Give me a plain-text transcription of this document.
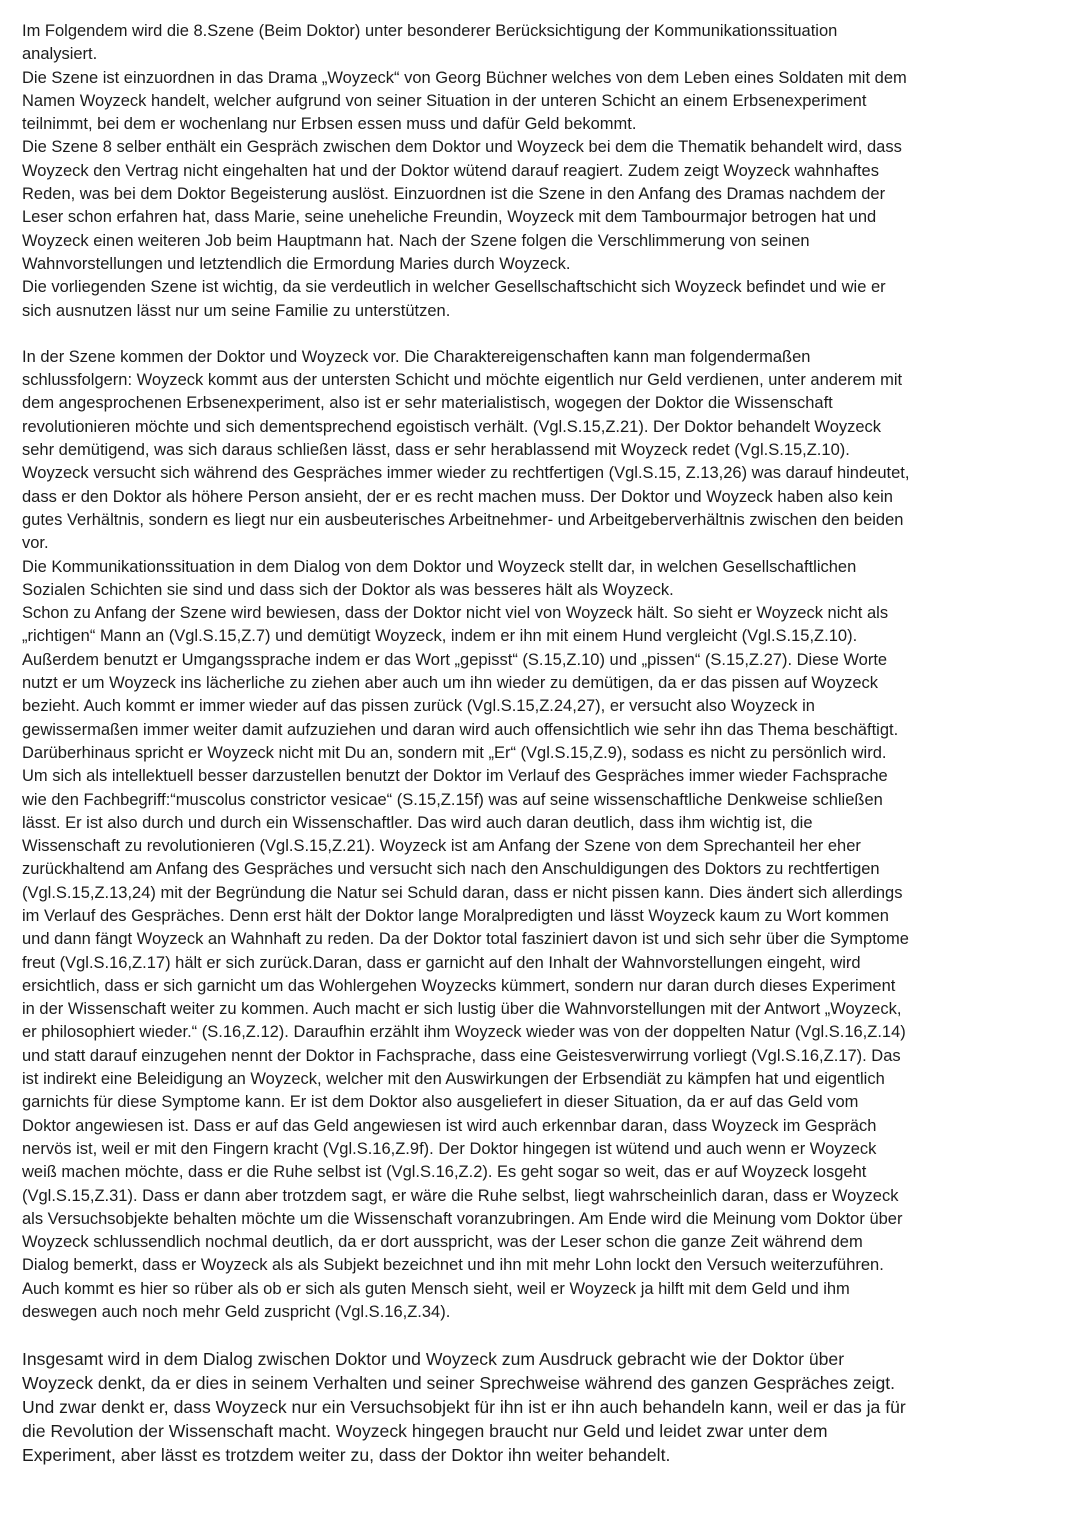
Im Folgendem wird die 8.Szene (Beim Doktor) unter besonderer Berücksichtigung der Kommunikationssituation
analysiert.

Die Szene ist einzuordnen in das Drama „Woyzeck“ von Georg Büchner welches von dem Leben eines Soldaten mit dem
Namen Woyzeck handelt, welcher aufgrund von seiner Situation in der unteren Schicht an einem Erbsenexperiment
teilnimmt, bei dem er wochenlang nur Erbsen essen muss und dafür Geld bekommt.

Die Szene 8 selber enthält ein Gespräch zwischen dem Doktor und Woyzeck bei dem die Thematik behandelt wird, dass
Woyzeck den Vertrag nicht eingehalten hat und der Doktor wütend darauf reagiert. Zudem zeigt Woyzeck wahnhaftes
Reden, was bei dem Doktor Begeisterung auslöst. Einzuordnen ist die Szene in den Anfang des Dramas nachdem der
Leser schon erfahren hat, dass Marie, seine uneheliche Freundin, Woyzeck mit dem Tambourmajor betrogen hat und
Woyzeck einen weiteren Job beim Hauptmann hat. Nach der Szene folgen die Verschlimmerung von seinen
Wahnvorstellungen und letztendlich die Ermordung Maries durch Woyzeck.

Die vorliegenden Szene ist wichtig, da sie verdeutlich in welcher Gesellschaftschicht sich Woyzeck befindet und wie er
sich ausnutzen lässt nur um seine Familie zu unterstützen.

In der Szene kommen der Doktor und Woyzeck vor. Die Charaktereigenschaften kann man folgendermaßen
schlussfolgern: Woyzeck kommt aus der untersten Schicht und möchte eigentlich nur Geld verdienen, unter anderem mit
dem angesprochenen Erbsenexperiment, also ist er sehr materialistisch, wogegen der Doktor die Wissenschaft
revolutionieren möchte und sich dementsprechend egoistisch verhält. (Vgl.S.15,Z.21). Der Doktor behandelt Woyzeck
sehr demütigend, was sich daraus schließen lässt, dass er sehr herablassend mit Woyzeck redet (Vgl.S.15,Z.10).
Woyzeck versucht sich während des Gespräches immer wieder zu rechtfertigen (Vgl.S.15, Z.13,26) was darauf hindeutet,
dass er den Doktor als höhere Person ansieht, der er es recht machen muss. Der Doktor und Woyzeck haben also kein
gutes Verhältnis, sondern es liegt nur ein ausbeuterisches Arbeitnehmer- und Arbeitgeberverhältnis zwischen den beiden
vor.

Die Kommunikationssituation in dem Dialog von dem Doktor und Woyzeck stellt dar, in welchen Gesellschaftlichen
Sozialen Schichten sie sind und dass sich der Doktor als was besseres hält als Woyzeck.

Schon zu Anfang der Szene wird bewiesen, dass der Doktor nicht viel von Woyzeck hält. So sieht er Woyzeck nicht als
„richtigen“ Mann an (Vgl.S.15,Z.7) und demütigt Woyzeck, indem er ihn mit einem Hund vergleicht (Vgl.S.15,Z.10).
Außerdem benutzt er Umgangssprache indem er das Wort „gepisst“ (S.15,Z.10) und „pissen“ (S.15,Z.27). Diese Worte
nutzt er um Woyzeck ins lächerliche zu ziehen aber auch um ihn wieder zu demütigen, da er das pissen auf Woyzeck
bezieht. Auch kommt er immer wieder auf das pissen zurück (Vgl.S.15,Z.24,27), er versucht also Woyzeck in
gewissermaßen immer weiter damit aufzuziehen und daran wird auch offensichtlich wie sehr ihn das Thema beschäftigt.
Darüberhinaus spricht er Woyzeck nicht mit Du an, sondern mit „Er“ (Vgl.S.15,Z.9), sodass es nicht zu persönlich wird.
Um sich als intellektuell besser darzustellen benutzt der Doktor im Verlauf des Gespräches immer wieder Fachsprache
wie den Fachbegriff:“muscolus constrictor vesicae“ (S.15,Z.15f) was auf seine wissenschaftliche Denkweise schließen
lässt. Er ist also durch und durch ein Wissenschaftler. Das wird auch daran deutlich, dass ihm wichtig ist, die
Wissenschaft zu revolutionieren (Vgl.S.15,Z.21). Woyzeck ist am Anfang der Szene von dem Sprechanteil her eher
zurückhaltend am Anfang des Gespräches und versucht sich nach den Anschuldigungen des Doktors zu rechtfertigen
(Vgl.S.15,Z.13,24) mit der Begründung die Natur sei Schuld daran, dass er nicht pissen kann. Dies ändert sich allerdings
im Verlauf des Gespräches. Denn erst hält der Doktor lange Moralpredigten und lässt Woyzeck kaum zu Wort kommen
und dann fängt Woyzeck an Wahnhaft zu reden. Da der Doktor total fasziniert davon ist und sich sehr über die Symptome
freut (Vgl.S.16,Z.17) hält er sich zurück.Daran, dass er garnicht auf den Inhalt der Wahnvorstellungen eingeht, wird
ersichtlich, dass er sich garnicht um das Wohlergehen Woyzecks kümmert, sondern nur daran durch dieses Experiment
in der Wissenschaft weiter zu kommen. Auch macht er sich lustig über die Wahnvorstellungen mit der Antwort „Woyzeck,
er philosophiert wieder.“ (S.16,Z.12). Daraufhin erzählt ihm Woyzeck wieder was von der doppelten Natur (Vgl.S.16,Z.14)
und statt darauf einzugehen nennt der Doktor in Fachsprache, dass eine Geistesverwirrung vorliegt (Vgl.S.16,Z.17). Das
ist indirekt eine Beleidigung an Woyzeck, welcher mit den Auswirkungen der Erbsendiät zu kämpfen hat und eigentlich
garnichts für diese Symptome kann. Er ist dem Doktor also ausgeliefert in dieser Situation, da er auf das Geld vom
Doktor angewiesen ist. Dass er auf das Geld angewiesen ist wird auch erkennbar daran, dass Woyzeck im Gespräch
nervös ist, weil er mit den Fingern kracht (Vgl.S.16,Z.9f). Der Doktor hingegen ist wütend und auch wenn er Woyzeck
weiß machen möchte, dass er die Ruhe selbst ist (Vgl.S.16,Z.2). Es geht sogar so weit, das er auf Woyzeck losgeht
(Vgl.S.15,Z.31). Dass er dann aber trotzdem sagt, er wäre die Ruhe selbst, liegt wahrscheinlich daran, dass er Woyzeck
als Versuchsobjekte behalten möchte um die Wissenschaft voranzubringen. Am Ende wird die Meinung vom Doktor über
Woyzeck schlussendlich nochmal deutlich, da er dort ausspricht, was der Leser schon die ganze Zeit während dem
Dialog bemerkt, dass er Woyzeck als als Subjekt bezeichnet und ihn mit mehr Lohn lockt den Versuch weiterzuführen.
Auch kommt es hier so rüber als ob er sich als guten Mensch sieht, weil er Woyzeck ja hilft mit dem Geld und ihm
deswegen auch noch mehr Geld zuspricht (Vgl.S.16,Z.34).

Insgesamt wird in dem Dialog zwischen Doktor und Woyzeck zum Ausdruck gebracht wie der Doktor über
Woyzeck denkt, da er dies in seinem Verhalten und seiner Sprechweise während des ganzen Gespräches zeigt.
Und zwar denkt er, dass Woyzeck nur ein Versuchsobjekt für ihn ist er ihn auch behandeln kann, weil er das ja für
die Revolution der Wissenschaft macht. Woyzeck hingegen braucht nur Geld und leidet zwar unter dem
Experiment, aber lässt es trotzdem weiter zu, dass der Doktor ihn weiter behandelt.
